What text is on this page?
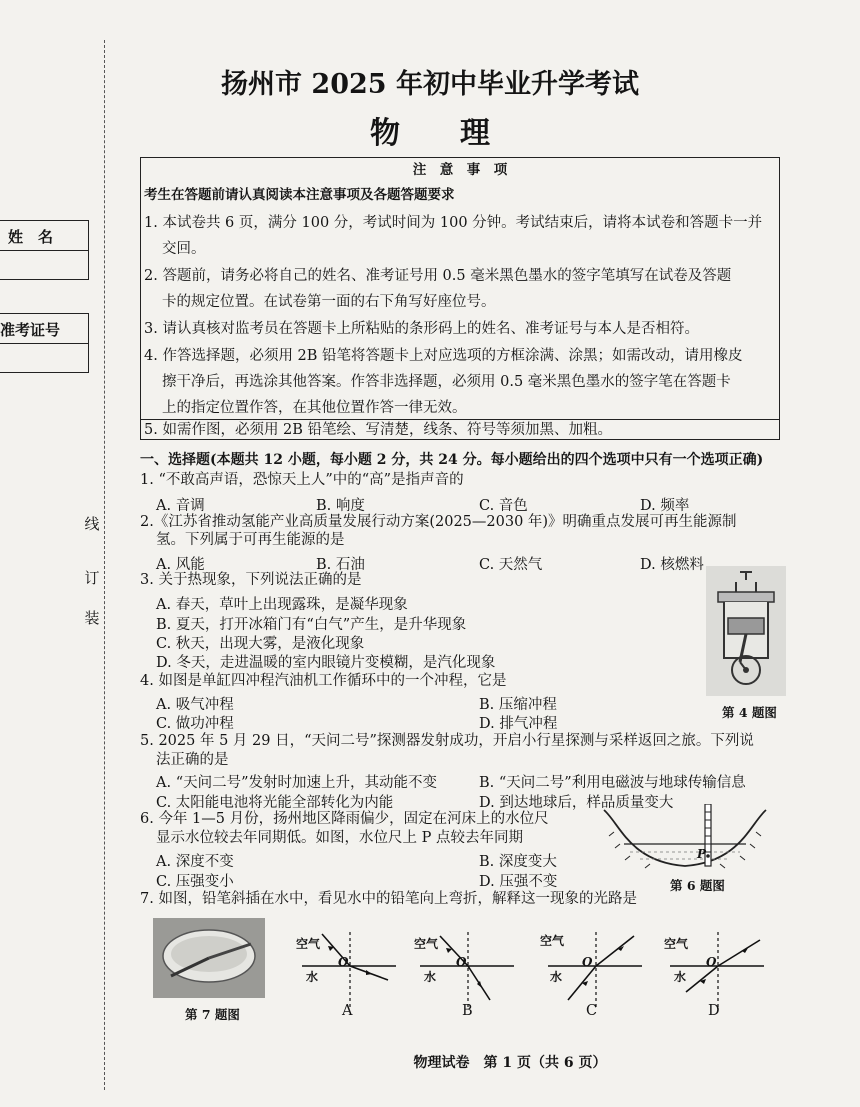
姓　名
准考证号
线
订
装
扬州市 2025 年初中毕业升学考试
物　　理
注　意　事　项
考生在答题前请认真阅读本注意事项及各题答题要求
1. 本试卷共 6 页，满分 100 分，考试时间为 100 分钟。考试结束后，请将本试卷和答题卡一并
交回。
2. 答题前，请务必将自己的姓名、准考证号用 0.5 毫米黑色墨水的签字笔填写在试卷及答题
卡的规定位置。在试卷第一面的右下角写好座位号。
3. 请认真核对监考员在答题卡上所粘贴的条形码上的姓名、准考证号与本人是否相符。
4. 作答选择题，必须用 2B 铅笔将答题卡上对应选项的方框涂满、涂黑；如需改动，请用橡皮
擦干净后，再选涂其他答案。作答非选择题，必须用 0.5 毫米黑色墨水的签字笔在答题卡
上的指定位置作答，在其他位置作答一律无效。
5. 如需作图，必须用 2B 铅笔绘、写清楚，线条、符号等须加黑、加粗。
一、选择题(本题共 12 小题，每小题 2 分，共 24 分。每小题给出的四个选项中只有一个选项正确)
1. “不敢高声语，恐惊天上人”中的“高”是指声音的
A. 音调	B. 响度	C. 音色	D. 频率
2.《江苏省推动氢能产业高质量发展行动方案(2025—2030 年)》明确重点发展可再生能源制
氢。下列属于可再生能源的是
A. 风能	B. 石油	C. 天然气	D. 核燃料
3. 关于热现象，下列说法正确的是
A. 春天，草叶上出现露珠，是凝华现象
B. 夏天，打开冰箱门有“白气”产生，是升华现象
C. 秋天，出现大雾，是液化现象
D. 冬天，走进温暖的室内眼镜片变模糊，是汽化现象
第 4 题图
4. 如图是单缸四冲程汽油机工作循环中的一个冲程，它是
A. 吸气冲程	B. 压缩冲程
C. 做功冲程	D. 排气冲程
5. 2025 年 5 月 29 日，“天问二号”探测器发射成功，开启小行星探测与采样返回之旅。下列说
法正确的是
A. “天问二号”发射时加速上升，其动能不变	B. “天问二号”利用电磁波与地球传输信息
C. 太阳能电池将光能全部转化为内能	D. 到达地球后，样品质量变大
6. 今年 1—5 月份，扬州地区降雨偏少，固定在河床上的水位尺
显示水位较去年同期低。如图，水位尺上 P 点较去年同期
A. 深度不变	B. 深度变大
C. 压强变小	D. 压强不变
P
第 6 题图
7. 如图，铅笔斜插在水中，看见水中的铅笔向上弯折，解释这一现象的光路是
第 7 题图
空气
水
O
空气
水
O
空气
水
O
空气
水
O
A	B	C	D
物理试卷　第 1 页（共 6 页）
